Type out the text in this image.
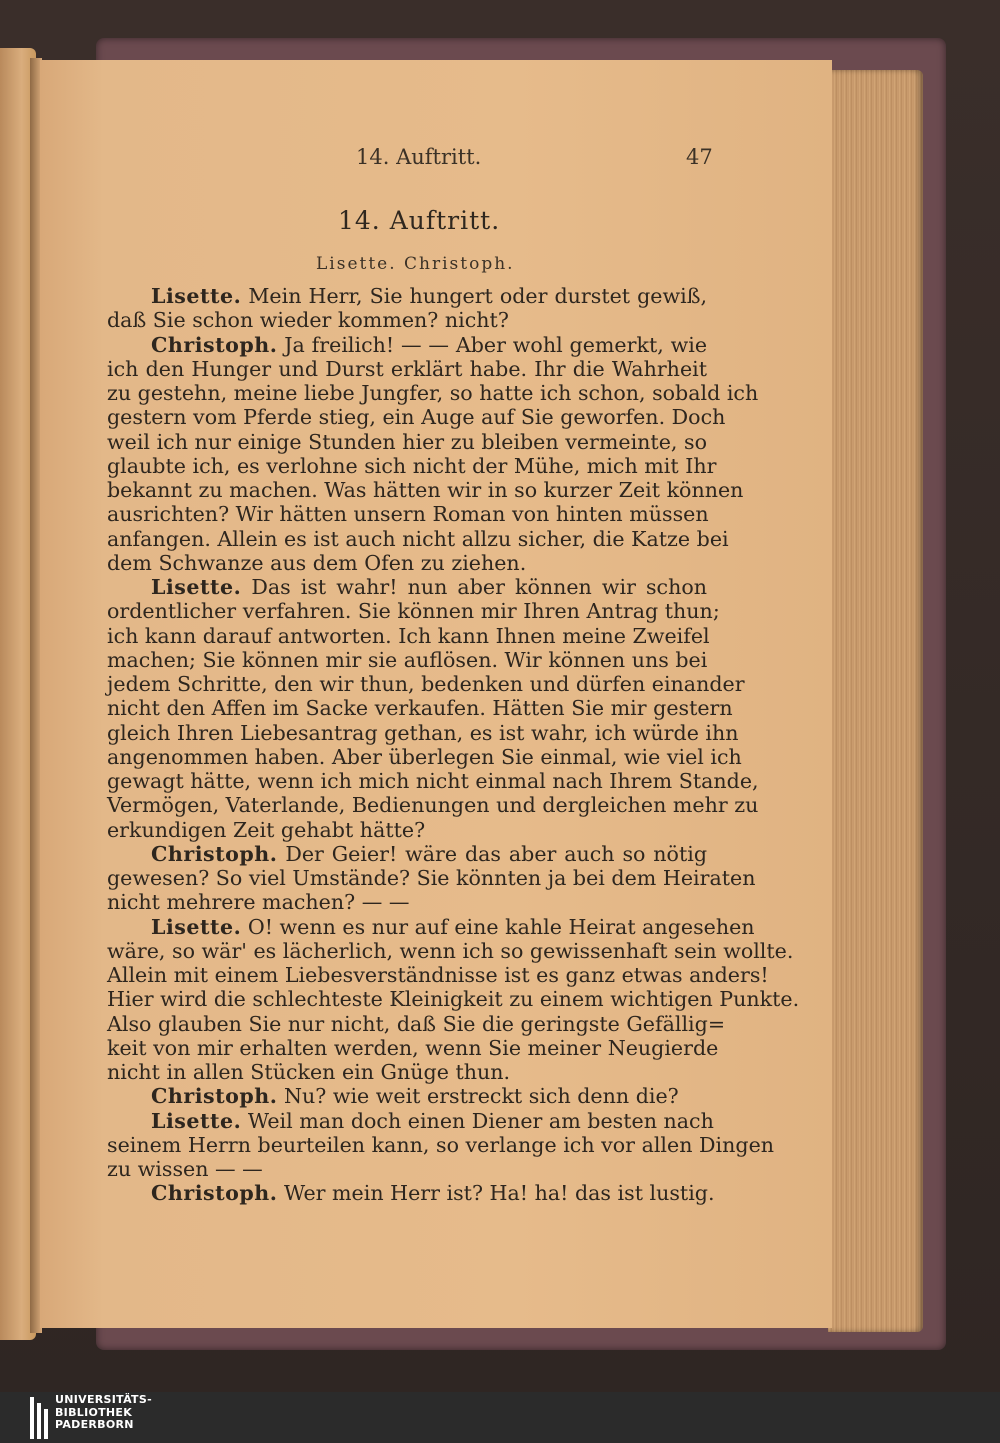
14. Auftritt.	47
14. Auftritt.
Lisette. Christoph.
Lisette. Mein Herr, Sie hungert oder durstet gewiß,
daß Sie schon wieder kommen? nicht?
Christoph. Ja freilich! — — Aber wohl gemerkt, wie
ich den Hunger und Durst erklärt habe. Ihr die Wahrheit
zu gestehn, meine liebe Jungfer, so hatte ich schon, sobald ich
gestern vom Pferde stieg, ein Auge auf Sie geworfen. Doch
weil ich nur einige Stunden hier zu bleiben vermeinte, so
glaubte ich, es verlohne sich nicht der Mühe, mich mit Ihr
bekannt zu machen. Was hätten wir in so kurzer Zeit können
ausrichten? Wir hätten unsern Roman von hinten müssen
anfangen. Allein es ist auch nicht allzu sicher, die Katze bei
dem Schwanze aus dem Ofen zu ziehen.
Lisette. Das ist wahr! nun aber können wir schon
ordentlicher verfahren. Sie können mir Ihren Antrag thun;
ich kann darauf antworten. Ich kann Ihnen meine Zweifel
machen; Sie können mir sie auflösen. Wir können uns bei
jedem Schritte, den wir thun, bedenken und dürfen einander
nicht den Affen im Sacke verkaufen. Hätten Sie mir gestern
gleich Ihren Liebesantrag gethan, es ist wahr, ich würde ihn
angenommen haben. Aber überlegen Sie einmal, wie viel ich
gewagt hätte, wenn ich mich nicht einmal nach Ihrem Stande,
Vermögen, Vaterlande, Bedienungen und dergleichen mehr zu
erkundigen Zeit gehabt hätte?
Christoph. Der Geier! wäre das aber auch so nötig
gewesen? So viel Umstände? Sie könnten ja bei dem Heiraten
nicht mehrere machen? — —
Lisette. O! wenn es nur auf eine kahle Heirat angesehen
wäre, so wär' es lächerlich, wenn ich so gewissenhaft sein wollte.
Allein mit einem Liebesverständnisse ist es ganz etwas anders!
Hier wird die schlechteste Kleinigkeit zu einem wichtigen Punkte.
Also glauben Sie nur nicht, daß Sie die geringste Gefällig=
keit von mir erhalten werden, wenn Sie meiner Neugierde
nicht in allen Stücken ein Gnüge thun.
Christoph. Nu? wie weit erstreckt sich denn die?
Lisette. Weil man doch einen Diener am besten nach
seinem Herrn beurteilen kann, so verlange ich vor allen Dingen
zu wissen — —
Christoph. Wer mein Herr ist? Ha! ha! das ist lustig.
UNIVERSITÄTS-
BIBLIOTHEK
PADERBORN
